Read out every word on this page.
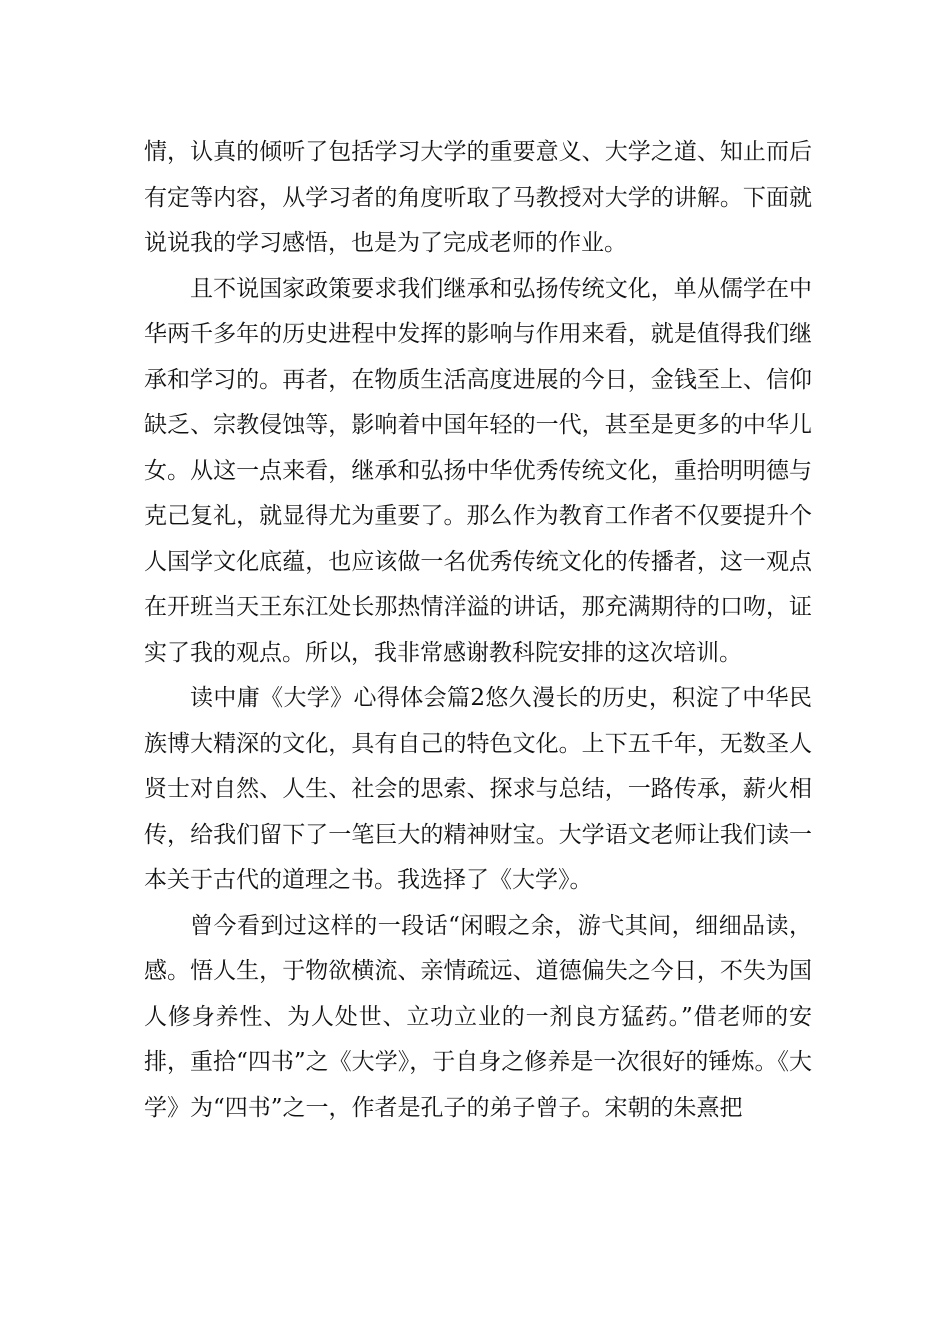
情，认真的倾听了包括学习大学的重要意义、大学之道、知止而后有定等内容，从学习者的角度听取了马教授对大学的讲解。下面就说说我的学习感悟，也是为了完成老师的作业。

且不说国家政策要求我们继承和弘扬传统文化，单从儒学在中华两千多年的历史进程中发挥的影响与作用来看，就是值得我们继承和学习的。再者，在物质生活高度进展的今日，金钱至上、信仰缺乏、宗教侵蚀等，影响着中国年轻的一代，甚至是更多的中华儿女。从这一点来看，继承和弘扬中华优秀传统文化，重拾明明德与克己复礼，就显得尤为重要了。那么作为教育工作者不仅要提升个人国学文化底蕴，也应该做一名优秀传统文化的传播者，这一观点在开班当天王东江处长那热情洋溢的讲话，那充满期待的口吻，证实了我的观点。所以，我非常感谢教科院安排的这次培训。

读中庸《大学》心得体会篇2悠久漫长的历史，积淀了中华民族博大精深的文化，具有自己的特色文化。上下五千年，无数圣人贤士对自然、人生、社会的思索、探求与总结，一路传承，薪火相传，给我们留下了一笔巨大的精神财宝。大学语文老师让我们读一本关于古代的道理之书。我选择了《大学》。

曾今看到过这样的一段话“闲暇之余，游弋其间，细细品读，感。悟人生，于物欲横流、亲情疏远、道德偏失之今日，不失为国人修身养性、为人处世、立功立业的一剂良方猛药。”借老师的安排，重拾“四书”之《大学》，于自身之修养是一次很好的锤炼。《大学》为“四书”之一，作者是孔子的弟子曾子。宋朝的朱熹把
